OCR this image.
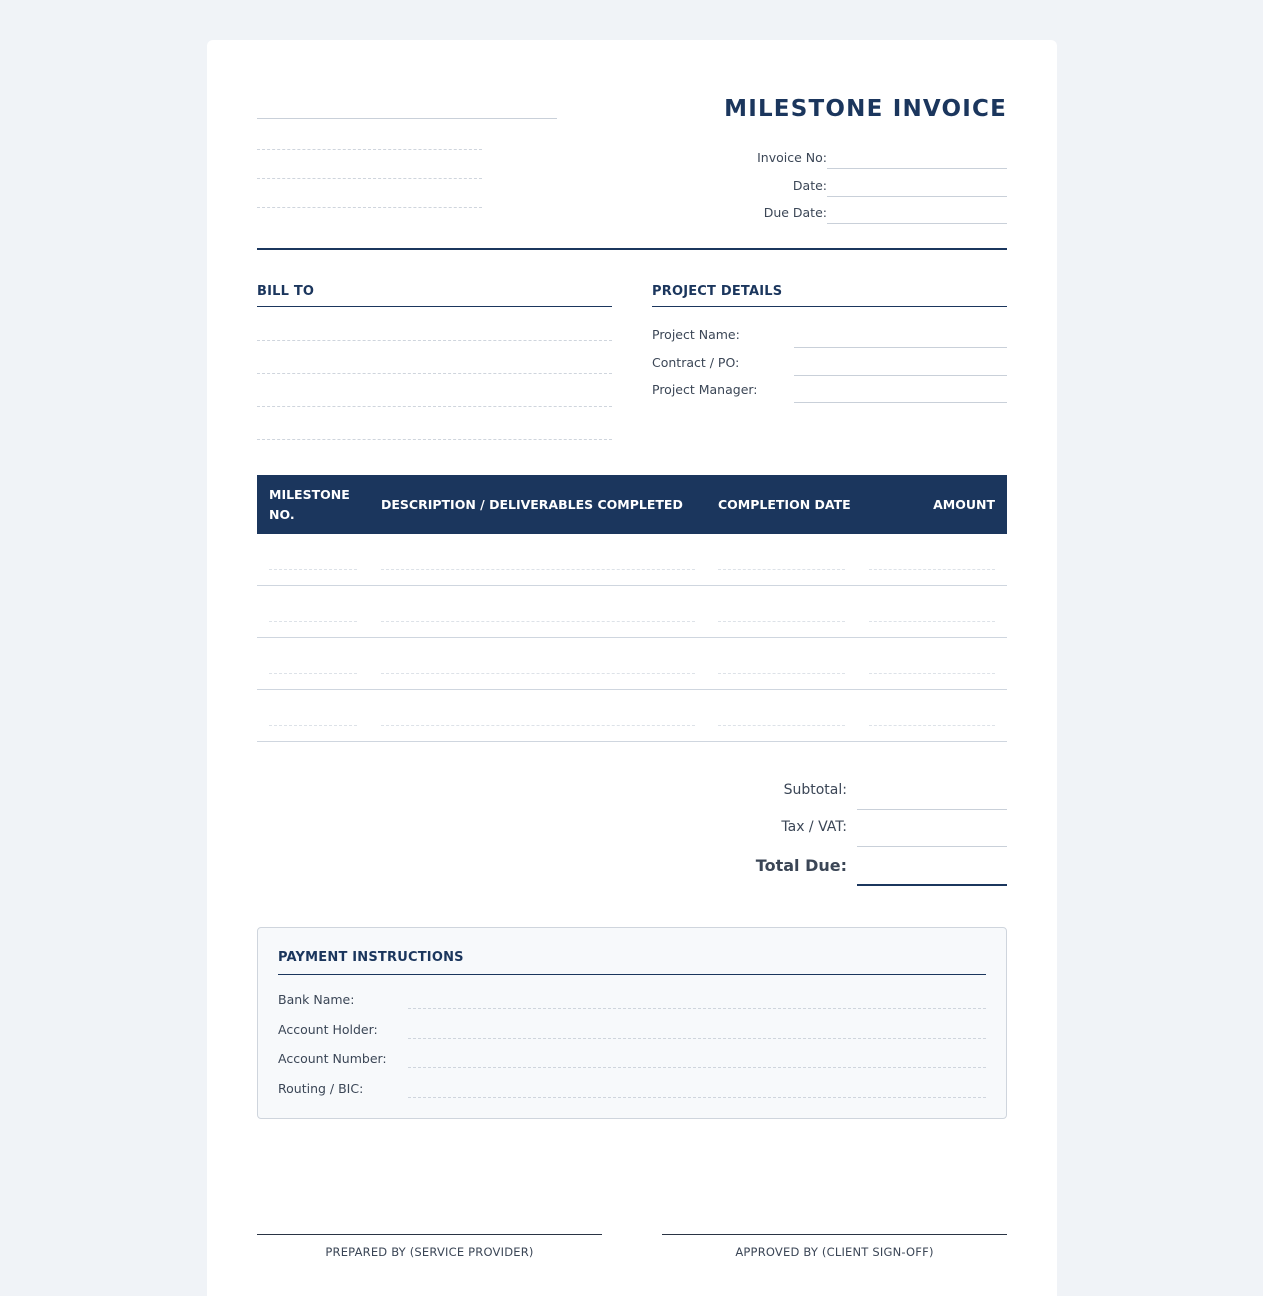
MILESTONE INVOICE
Invoice No:
Date:
Due Date:
BILL TO	PROJECT DETAILS
Project Name:
Contract / PO:
Project Manager:
MILESTONE
NO.
DESCRIPTION / DELIVERABLES COMPLETED	COMPLETION DATE	AMOUNT
Subtotal:
Tax / VAT:
Total Due:
PAYMENT INSTRUCTIONS
Bank Name:
Account Holder:
Account Number:
Routing / BIC:
PREPARED BY (SERVICE PROVIDER)	APPROVED BY (CLIENT SIGN-OFF)
